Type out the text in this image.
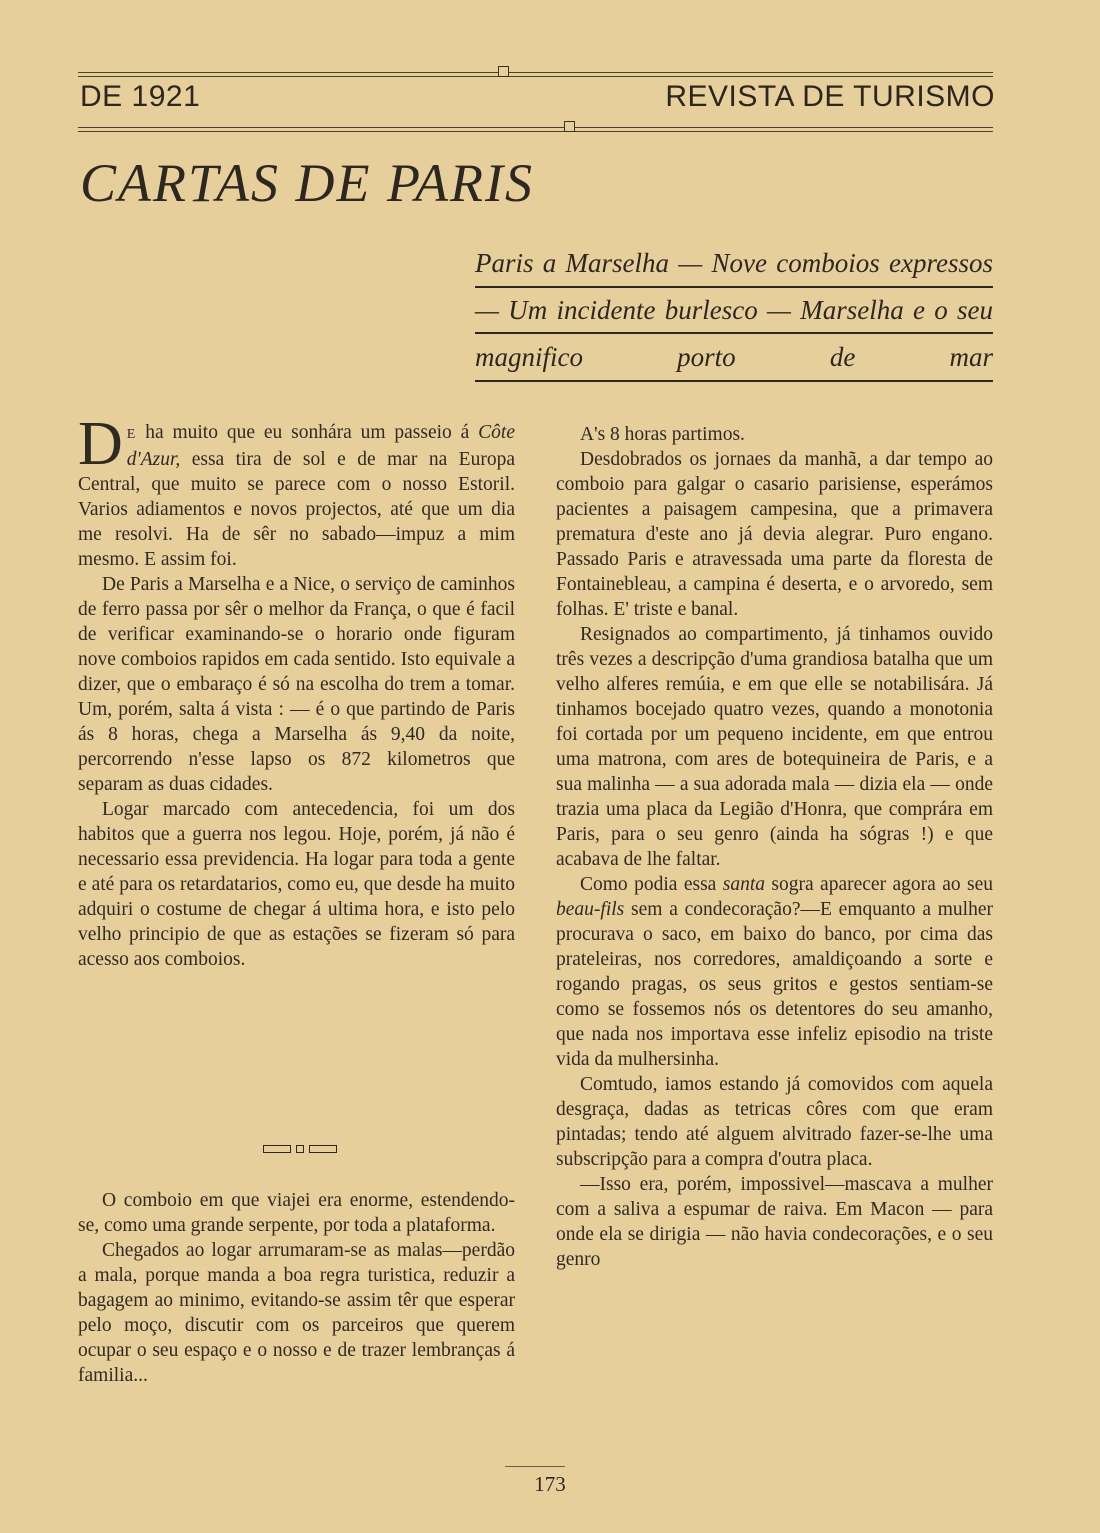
DE 1921	REVISTA DE TURISMO
CARTAS DE PARIS
Paris a Marselha — Nove comboios expressos — Um incidente burlesco — Marselha e o seu magnifico porto de mar

D E ha muito que eu sonhára um passeio á Côte d'Azur, essa tira de sol e de mar na Europa Central, que muito se parece com o nosso Estoril. Varios adiamentos e novos projectos, até que um dia me resolvi. Ha de sêr no sabado—impuz a mim mesmo. E assim foi.

De Paris a Marselha e a Nice, o serviço de caminhos de ferro passa por sêr o melhor da França, o que é facil de verificar examinando-se o horario onde figuram nove comboios rapidos em cada sentido. Isto equivale a dizer, que o embaraço é só na escolha do trem a tomar. Um, porém, salta á vista : — é o que partindo de Paris ás 8 horas, chega a Marselha ás 9,40 da noite, percorrendo n'esse lapso os 872 kilometros que separam as duas cidades.

Logar marcado com antecedencia, foi um dos habitos que a guerra nos legou. Hoje, porém, já não é necessario essa previdencia. Ha logar para toda a gente e até para os retardatarios, como eu, que desde ha muito adquiri o costume de chegar á ultima hora, e isto pelo velho principio de que as estações se fizeram só para acesso aos comboios.

O comboio em que viajei era enorme, estendendo-se, como uma grande serpente, por toda a plataforma.

Chegados ao logar arrumaram-se as malas—perdão a mala, porque manda a boa regra turistica, reduzir a bagagem ao minimo, evitando-se assim têr que esperar pelo moço, discutir com os parceiros que querem ocupar o seu espaço e o nosso e de trazer lembranças á familia...

A's 8 horas partimos.

Desdobrados os jornaes da manhã, a dar tempo ao comboio para galgar o casario parisiense, esperámos pacientes a paisagem campesina, que a primavera prematura d'este ano já devia alegrar. Puro engano. Passado Paris e atravessada uma parte da floresta de Fontainebleau, a campina é deserta, e o arvoredo, sem folhas. E' triste e banal.

Resignados ao compartimento, já tinhamos ouvido três vezes a descripção d'uma grandiosa batalha que um velho alferes remúia, e em que elle se notabilisára. Já tinhamos bocejado quatro vezes, quando a monotonia foi cortada por um pequeno incidente, em que entrou uma matrona, com ares de botequineira de Paris, e a sua malinha — a sua adorada mala — dizia ela — onde trazia uma placa da Legião d'Honra, que comprára em Paris, para o seu genro (ainda ha sógras !) e que acabava de lhe faltar.

Como podia essa santa sogra aparecer agora ao seu beau-fils sem a condecoração?—E emquanto a mulher procurava o saco, em baixo do banco, por cima das prateleiras, nos corredores, amaldiçoando a sorte e rogando pragas, os seus gritos e gestos sentiam-se como se fossemos nós os detentores do seu amanho, que nada nos importava esse infeliz episodio na triste vida da mulhersinha.

Comtudo, iamos estando já comovidos com aquela desgraça, dadas as tetricas côres com que eram pintadas; tendo até alguem alvitrado fazer-se-lhe uma subscripção para a compra d'outra placa.

—Isso era, porém, impossivel—mascava a mulher com a saliva a espumar de raiva. Em Macon — para onde ela se dirigia — não havia condecorações, e o seu genro

173
